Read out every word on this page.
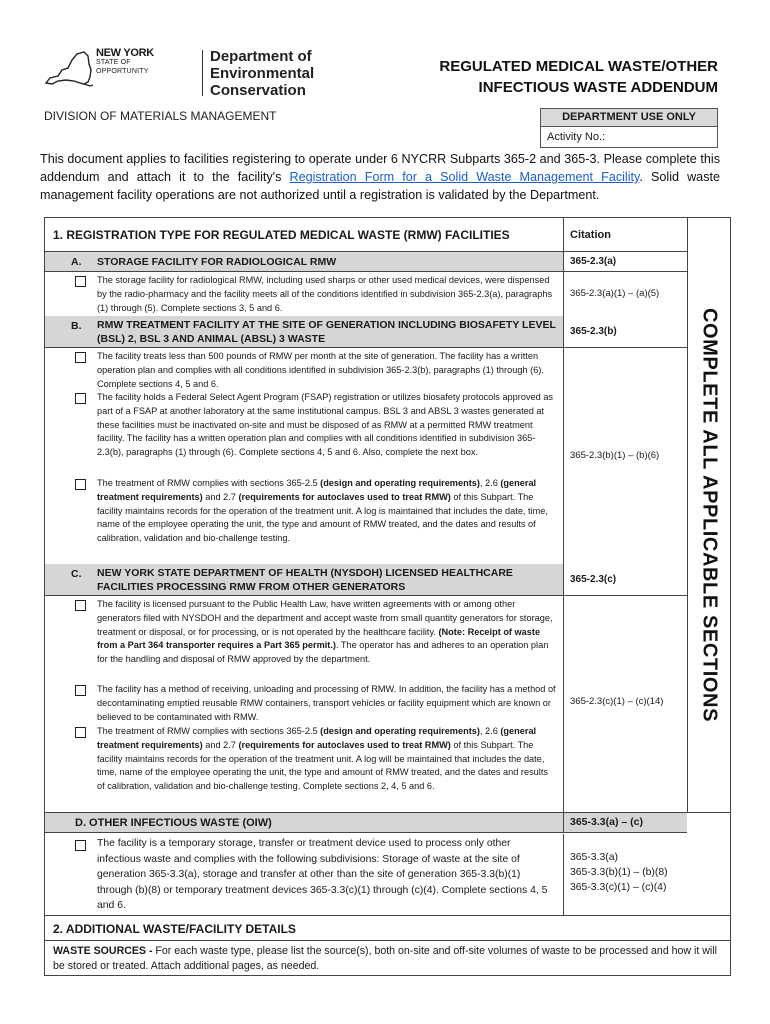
NEW YORK
STATE OF
OPPORTUNITY
Department of
Environmental
Conservation
REGULATED MEDICAL WASTE/OTHER
INFECTIOUS WASTE ADDENDUM
DIVISION OF MATERIALS MANAGEMENT	DEPARTMENT USE ONLY
Activity No.:
This document applies to facilities registering to operate under 6 NYCRR Subparts 365-2 and 365-3. Please complete this addendum and attach it to the facility's Registration Form for a Solid Waste Management Facility. Solid waste management facility operations are not authorized until a registration is validated by the Department.
1. REGISTRATION TYPE FOR REGULATED MEDICAL WASTE (RMW) FACILITIES	Citation
COMPLETE ALL APPLICABLE SECTIONS
A. STORAGE FACILITY FOR RADIOLOGICAL RMW	365-2.3(a)
The storage facility for radiological RMW, including used sharps or other used medical devices, were dispensed by the radio-pharmacy and the facility meets all of the conditions identified in subdivision 365-2.3(a), paragraphs (1) through (5). Complete sections 3, 5 and 6.
365-2.3(a)(1) – (a)(5)
B. RMW TREATMENT FACILITY AT THE SITE OF GENERATION INCLUDING BIOSAFETY LEVEL
(BSL) 2, BSL 3 AND ANIMAL (ABSL) 3 WASTE
365-2.3(b)
The facility treats less than 500 pounds of RMW per month at the site of generation. The facility has a written operation plan and complies with all conditions identified in subdivision 365-2.3(b), paragraphs (1) through (6). Complete sections 4, 5 and 6.
The facility holds a Federal Select Agent Program (FSAP) registration or utilizes biosafety protocols approved as part of a FSAP at another laboratory at the same institutional campus. BSL 3 and ABSL 3 wastes generated at these facilities must be inactivated on-site and must be disposed of as RMW at a permitted RMW treatment facility. The facility has a written operation plan and complies with all conditions identified in subdivision 365-2.3(b), paragraphs (1) through (6). Complete sections 4, 5 and 6. Also, complete the next box.
The treatment of RMW complies with sections 365-2.5 (design and operating requirements), 2.6 (general treatment requirements) and 2.7 (requirements for autoclaves used to treat RMW) of this Subpart. The facility maintains records for the operation of the treatment unit. A log is maintained that includes the date, time, name of the employee operating the unit, the type and amount of RMW treated, and the dates and results of calibration, validation and bio-challenge testing.
365-2.3(b)(1) – (b)(6)
C. NEW YORK STATE DEPARTMENT OF HEALTH (NYSDOH) LICENSED HEALTHCARE
FACILITIES PROCESSING RMW FROM OTHER GENERATORS
365-2.3(c)
The facility is licensed pursuant to the Public Health Law, have written agreements with or among other generators filed with NYSDOH and the department and accept waste from small quantity generators for storage, treatment or disposal, or for processing, or is not operated by the healthcare facility. (Note: Receipt of waste from a Part 364 transporter requires a Part 365 permit.). The operator has and adheres to an operation plan for the handling and disposal of RMW approved by the department.
The facility has a method of receiving, unloading and processing of RMW. In addition, the facility has a method of decontaminating emptied reusable RMW containers, transport vehicles or facility equipment which are known or believed to be contaminated with RMW.
The treatment of RMW complies with sections 365-2.5 (design and operating requirements), 2.6 (general treatment requirements) and 2.7 (requirements for autoclaves used to treat RMW) of this Subpart. The facility maintains records for the operation of the treatment unit. A log will be maintained that includes the date, time, name of the employee operating the unit, the type and amount of RMW treated, and the dates and results of calibration, validation and bio-challenge testing. Complete sections 2, 4, 5 and 6.
365-2.3(c)(1) – (c)(14)
D. OTHER INFECTIOUS WASTE (OIW)	365-3.3(a) – (c)
The facility is a temporary storage, transfer or treatment device used to process only other infectious waste and complies with the following subdivisions: Storage of waste at the site of generation 365-3.3(a), storage and transfer at other than the site of generation 365-3.3(b)(1) through (b)(8) or temporary treatment devices 365-3.3(c)(1) through (c)(4). Complete sections 4, 5 and 6.
365-3.3(a)
365-3.3(b)(1) – (b)(8)
365-3.3(c)(1) – (c)(4)
2. ADDITIONAL WASTE/FACILITY DETAILS
WASTE SOURCES - For each waste type, please list the source(s), both on-site and off-site volumes of waste to be processed and how it will be stored or treated. Attach additional pages, as needed.
